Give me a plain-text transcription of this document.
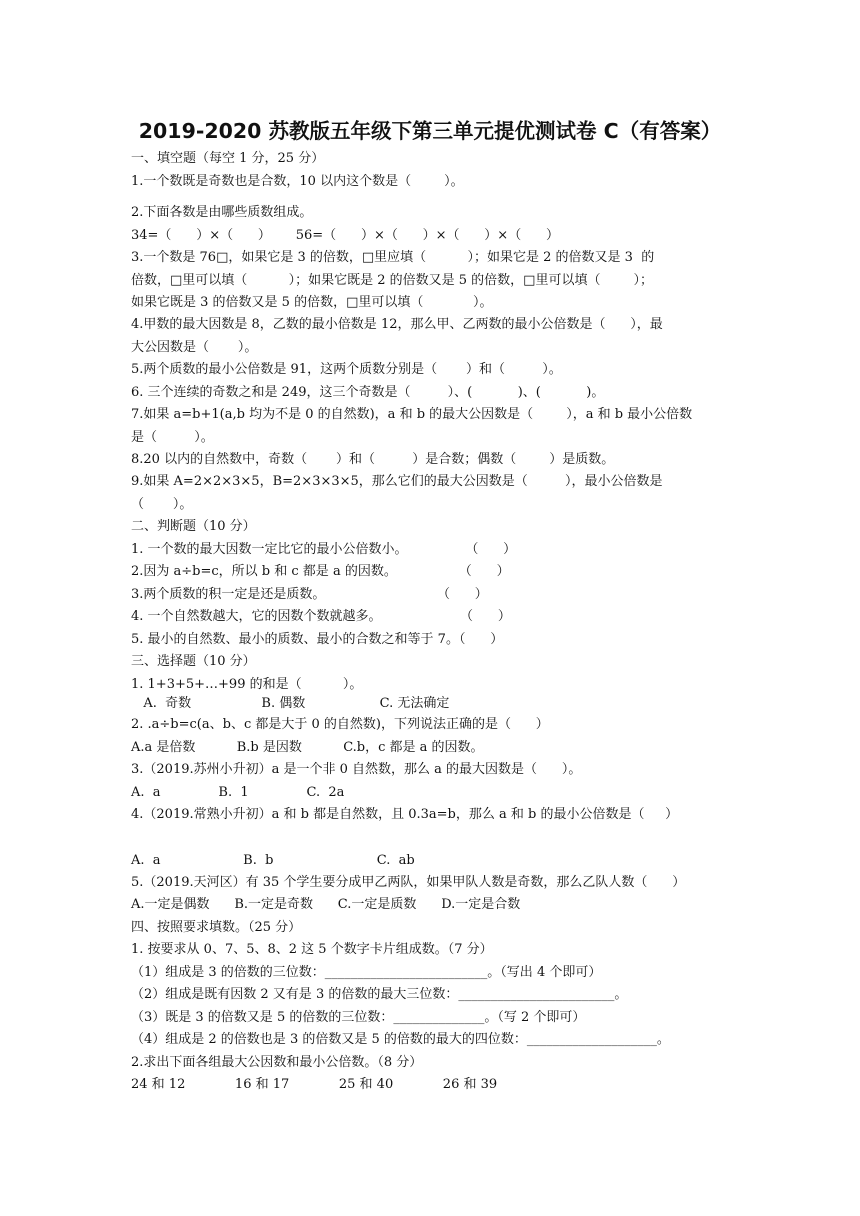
2019-2020 苏教版五年级下第三单元提优测试卷 C（有答案）
一、填空题（每空 1 分，25 分）
1.一个数既是奇数也是合数，10 以内这个数是（        ）。
2.下面各数是由哪些质数组成。
34=（      ）×（      ）      56=（      ）×（      ）×（      ）×（      ）
3.一个数是 76□，如果它是 3 的倍数，□里应填（          ）；如果它是 2 的倍数又是 3  的
倍数，□里可以填（          ）；如果它既是 2 的倍数又是 5 的倍数，□里可以填（        ）；
如果它既是 3 的倍数又是 5 的倍数，□里可以填（            ）。
4.甲数的最大因数是 8，乙数的最小倍数是 12，那么甲、乙两数的最小公倍数是（      ），最
大公因数是（       ）。
5.两个质数的最小公倍数是 91，这两个质数分别是（       ）和（         ）。
6. 三个连续的奇数之和是 249，这三个奇数是（         ）、(           )、(           )。
7.如果 a=b+1(a,b 均为不是 0 的自然数)，a 和 b 的最大公因数是（        ），a 和 b 最小公倍数
是（         ）。
8.20 以内的自然数中，奇数（       ）和（         ）是合数；偶数（        ）是质数。
9.如果 A=2×2×3×5，B=2×3×3×5，那么它们的最大公因数是（         ），最小公倍数是
（       ）。
二、判断题（10 分）
1. 一个数的最大因数一定比它的最小公倍数小。              （      ）
2.因为 a÷b=c，所以 b 和 c 都是 a 的因数。               （      ）
3.两个质数的积一定是还是质数。                           （      ）
4. 一个自然数越大，它的因数个数就越多。                   （      ）
5. 最小的自然数、最小的质数、最小的合数之和等于 7。（      ）
三、选择题（10 分）
1. 1+3+5+…+99 的和是（          ）。
A.  奇数                 B. 偶数                  C. 无法确定
2. .a÷b=c(a、b、c 都是大于 0 的自然数)，下列说法正确的是（      ）
A.a 是倍数          B.b 是因数          C.b，c 都是 a 的因数。
3.（2019.苏州小升初）a 是一个非 0 自然数，那么 a 的最大因数是（      ）。
A.  a              B.  1              C.  2a
4.（2019.常熟小升初）a 和 b 都是自然数，且 0.3a=b，那么 a 和 b 的最小公倍数是（     ）
A.  a                    B.  b                         C.  ab
5.（2019.天河区）有 35 个学生要分成甲乙两队，如果甲队人数是奇数，那么乙队人数（      ）
A.一定是偶数      B.一定是奇数      C.一定是质数      D.一定是合数
四、按照要求填数。（25 分）
1. 按要求从 0、7、5、8、2 这 5 个数字卡片组成数。（7 分）
（1）组成是 3 的倍数的三位数：_________________________。（写出 4 个即可）
（2）组成是既有因数 2 又有是 3 的倍数的最大三位数：________________________。
（3）既是 3 的倍数又是 5 的倍数的三位数：______________。（写 2 个即可）
（4）组成是 2 的倍数也是 3 的倍数又是 5 的倍数的最大的四位数：____________________。
2.求出下面各组最大公因数和最小公倍数。（8 分）
24 和 12            16 和 17            25 和 40            26 和 39
